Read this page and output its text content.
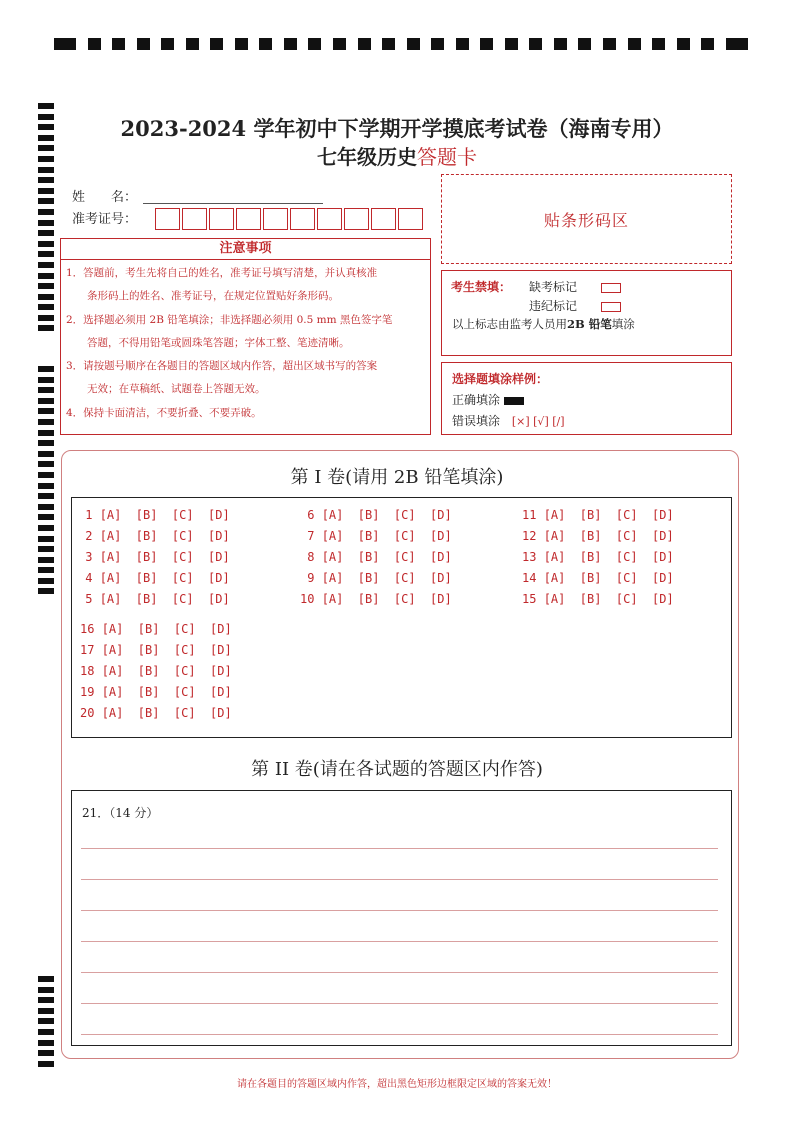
2023-2024 学年初中下学期开学摸底考试卷（海南专用）
七年级历史答题卡
姓　　名：
准考证号：	贴条形码区
注意事项
1．答题前，考生先将自己的姓名，准考证号填写清楚，并认真核准
　　条形码上的姓名、准考证号，在规定位置贴好条形码。
2．选择题必须用 2B 铅笔填涂；非选择题必须用 0.5 mm 黑色签字笔
　　答题，不得用铅笔或圆珠笔答题；字体工整、笔迹清晰。
3．请按题号顺序在各题目的答题区域内作答，超出区域书写的答案
　　无效；在草稿纸、试题卷上答题无效。
4．保持卡面清洁，不要折叠、不要弄破。
考生禁填： 缺考标记
违纪标记
以上标志由监考人员用2B 铅笔填涂
选择题填涂样例：
正确填涂
错误填涂 [×] [√] [/]
第 I 卷(请用 2B 铅笔填涂)
1 [A]  [B]  [C]  [D]	6 [A]  [B]  [C]  [D]	11 [A]  [B]  [C]  [D]
2 [A]  [B]  [C]  [D]	7 [A]  [B]  [C]  [D]	12 [A]  [B]  [C]  [D]
3 [A]  [B]  [C]  [D]	8 [A]  [B]  [C]  [D]	13 [A]  [B]  [C]  [D]
4 [A]  [B]  [C]  [D]	9 [A]  [B]  [C]  [D]	14 [A]  [B]  [C]  [D]
5 [A]  [B]  [C]  [D]	10 [A]  [B]  [C]  [D]	15 [A]  [B]  [C]  [D]
16 [A]  [B]  [C]  [D]
17 [A]  [B]  [C]  [D]
18 [A]  [B]  [C]  [D]
19 [A]  [B]  [C]  [D]
20 [A]  [B]  [C]  [D]
第 II 卷(请在各试题的答题区内作答)
21．（14 分）
请在各题目的答题区域内作答，超出黑色矩形边框限定区域的答案无效！
